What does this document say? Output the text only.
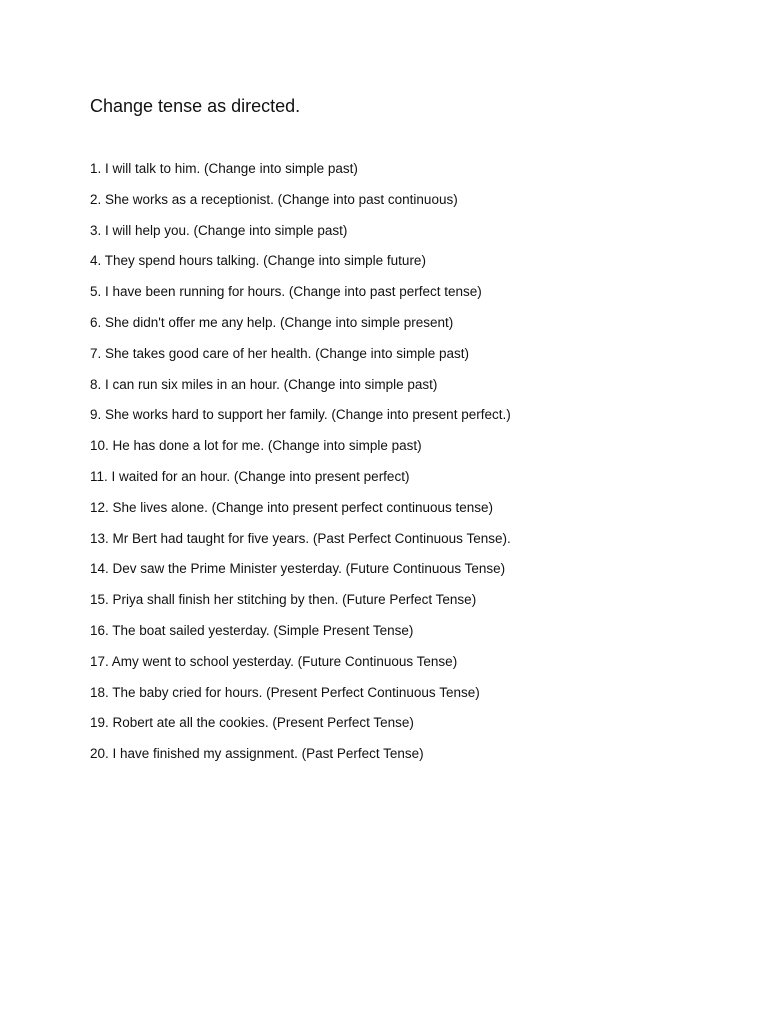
Change tense as directed.
1. I will talk to him. (Change into simple past)
2. She works as a receptionist. (Change into past continuous)
3. I will help you. (Change into simple past)
4. They spend hours talking. (Change into simple future)
5. I have been running for hours. (Change into past perfect tense)
6. She didn't offer me any help. (Change into simple present)
7. She takes good care of her health. (Change into simple past)
8. I can run six miles in an hour. (Change into simple past)
9. She works hard to support her family. (Change into present perfect.)
10. He has done a lot for me. (Change into simple past)
11. I waited for an hour. (Change into present perfect)
12. She lives alone. (Change into present perfect continuous tense)
13. Mr Bert had taught for five years. (Past Perfect Continuous Tense).
14. Dev saw the Prime Minister yesterday. (Future Continuous Tense)
15. Priya shall finish her stitching by then. (Future Perfect Tense)
16. The boat sailed yesterday. (Simple Present Tense)
17. Amy went to school yesterday. (Future Continuous Tense)
18. The baby cried for hours. (Present Perfect Continuous Tense)
19. Robert ate all the cookies. (Present Perfect Tense)
20. I have finished my assignment. (Past Perfect Tense)
